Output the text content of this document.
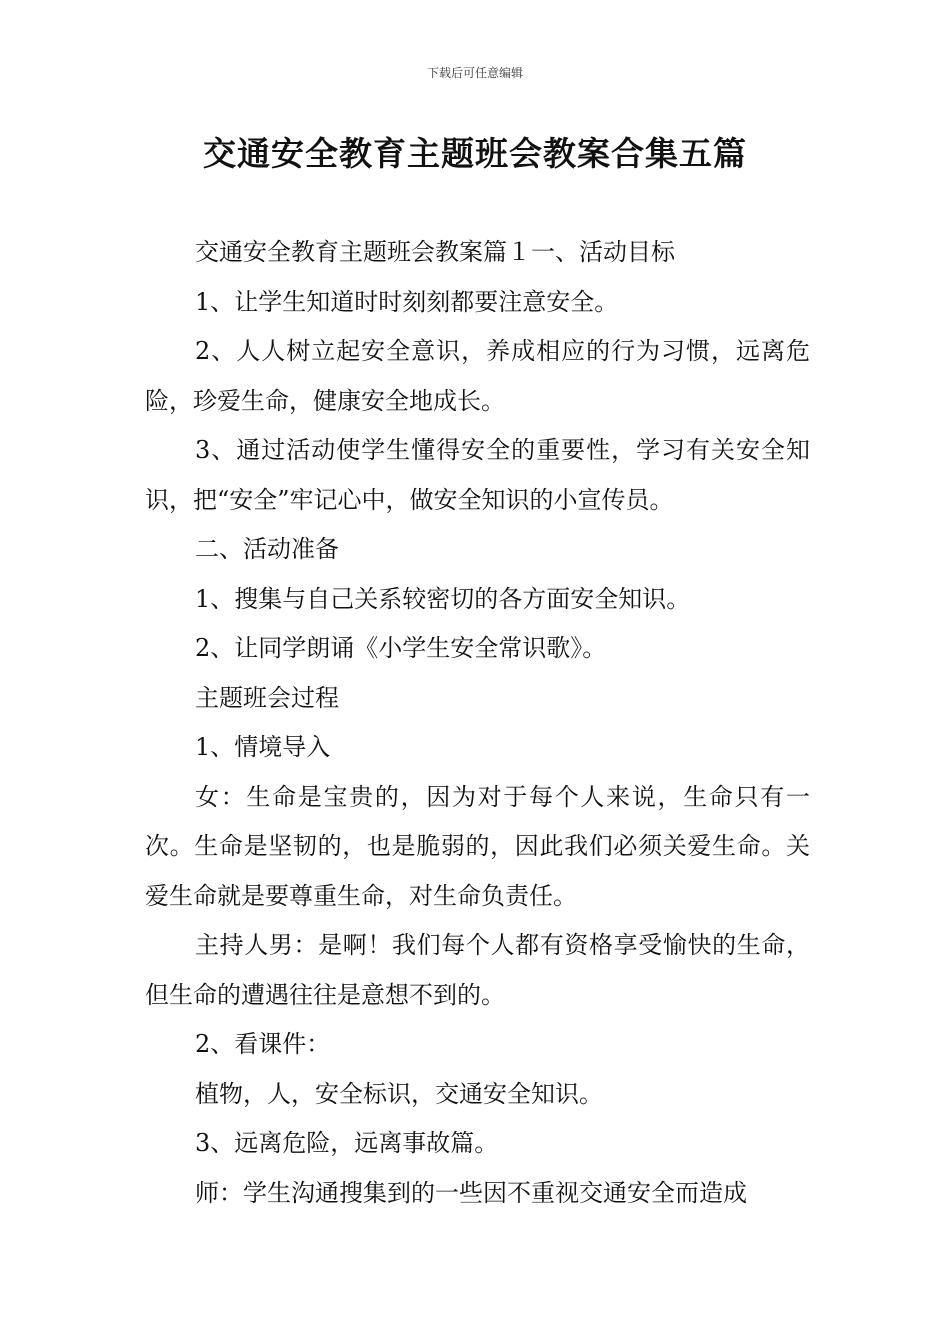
下载后可任意编辑
交通安全教育主题班会教案合集五篇

交通安全教育主题班会教案篇１一、活动目标

1、让学生知道时时刻刻都要注意安全。

2、人人树立起安全意识，养成相应的行为习惯，远离危险，珍爱生命，健康安全地成长。

3、通过活动使学生懂得安全的重要性，学习有关安全知识，把“安全”牢记心中，做安全知识的小宣传员。

二、活动准备

1、搜集与自己关系较密切的各方面安全知识。

2、让同学朗诵《小学生安全常识歌》。

主题班会过程

1、情境导入

女：生命是宝贵的，因为对于每个人来说，生命只有一次。生命是坚韧的，也是脆弱的，因此我们必须关爱生命。关爱生命就是要尊重生命，对生命负责任。

主持人男：是啊！我们每个人都有资格享受愉快的生命，但生命的遭遇往往是意想不到的。

2、看课件：

植物，人，安全标识，交通安全知识。

3、远离危险，远离事故篇。

师：学生沟通搜集到的一些因不重视交通安全而造成
